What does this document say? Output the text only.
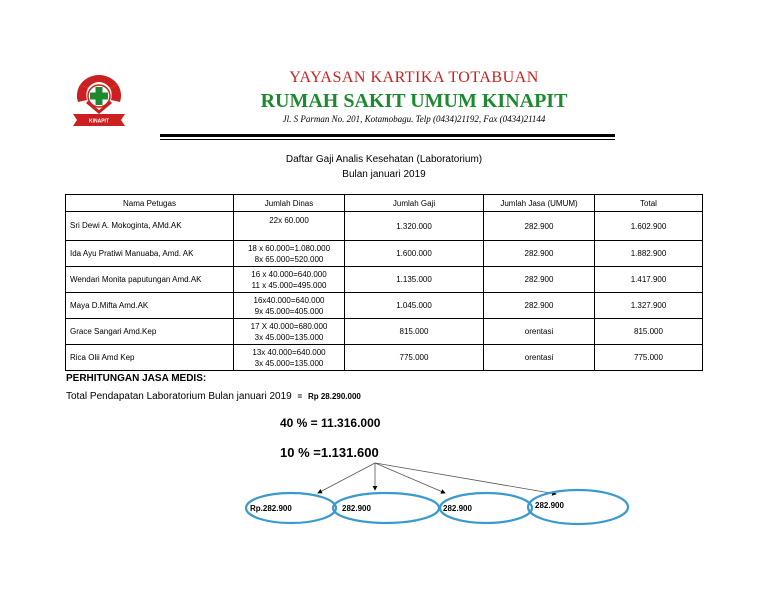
KINAPIT
YAYASAN KARTIKA TOTABUAN
RUMAH SAKIT UMUM KINAPIT
Jl. S Parman No. 201, Kotamobagu. Telp (0434)21192, Fax (0434)21144
Daftar Gaji Analis Kesehatan (Laboratorium)
Bulan januari 2019
Nama Petugas	Jumlah Dinas	Jumlah Gaji	Jumlah Jasa (UMUM)	Total
Sri Dewi A. Mokoginta, AMd.AK	22x 60.000	1.320.000	282.900	1.602.900
Ida Ayu Pratiwi Manuaba, Amd. AK	18 x 60.000=1.080.000
8x 65.000=520.000	1.600.000	282.900	1.882.900
Wendari Monita paputungan Amd.AK	16 x 40.000=640.000
11 x 45.000=495.000	1.135.000	282.900	1.417.900
Maya D.Mifta Amd.AK	16x40.000=640.000
9x 45.000=405.000	1.045.000	282.900	1.327.900
Grace Sangari Amd.Kep	17 X 40.000=680.000
3x 45.000=135.000	815.000	orentasi	815.000
Rica Olii Amd Kep	13x 40.000=640.000
3x 45.000=135.000	775.000	orentasi	775.000
PERHITUNGAN JASA MEDIS:
Total Pendapatan Laboratorium Bulan januari 2019 = Rp 28.290.000
40 % = 11.316.000
10 % =1.131.600
Rp.282.900	282.900	282.900	282.900
